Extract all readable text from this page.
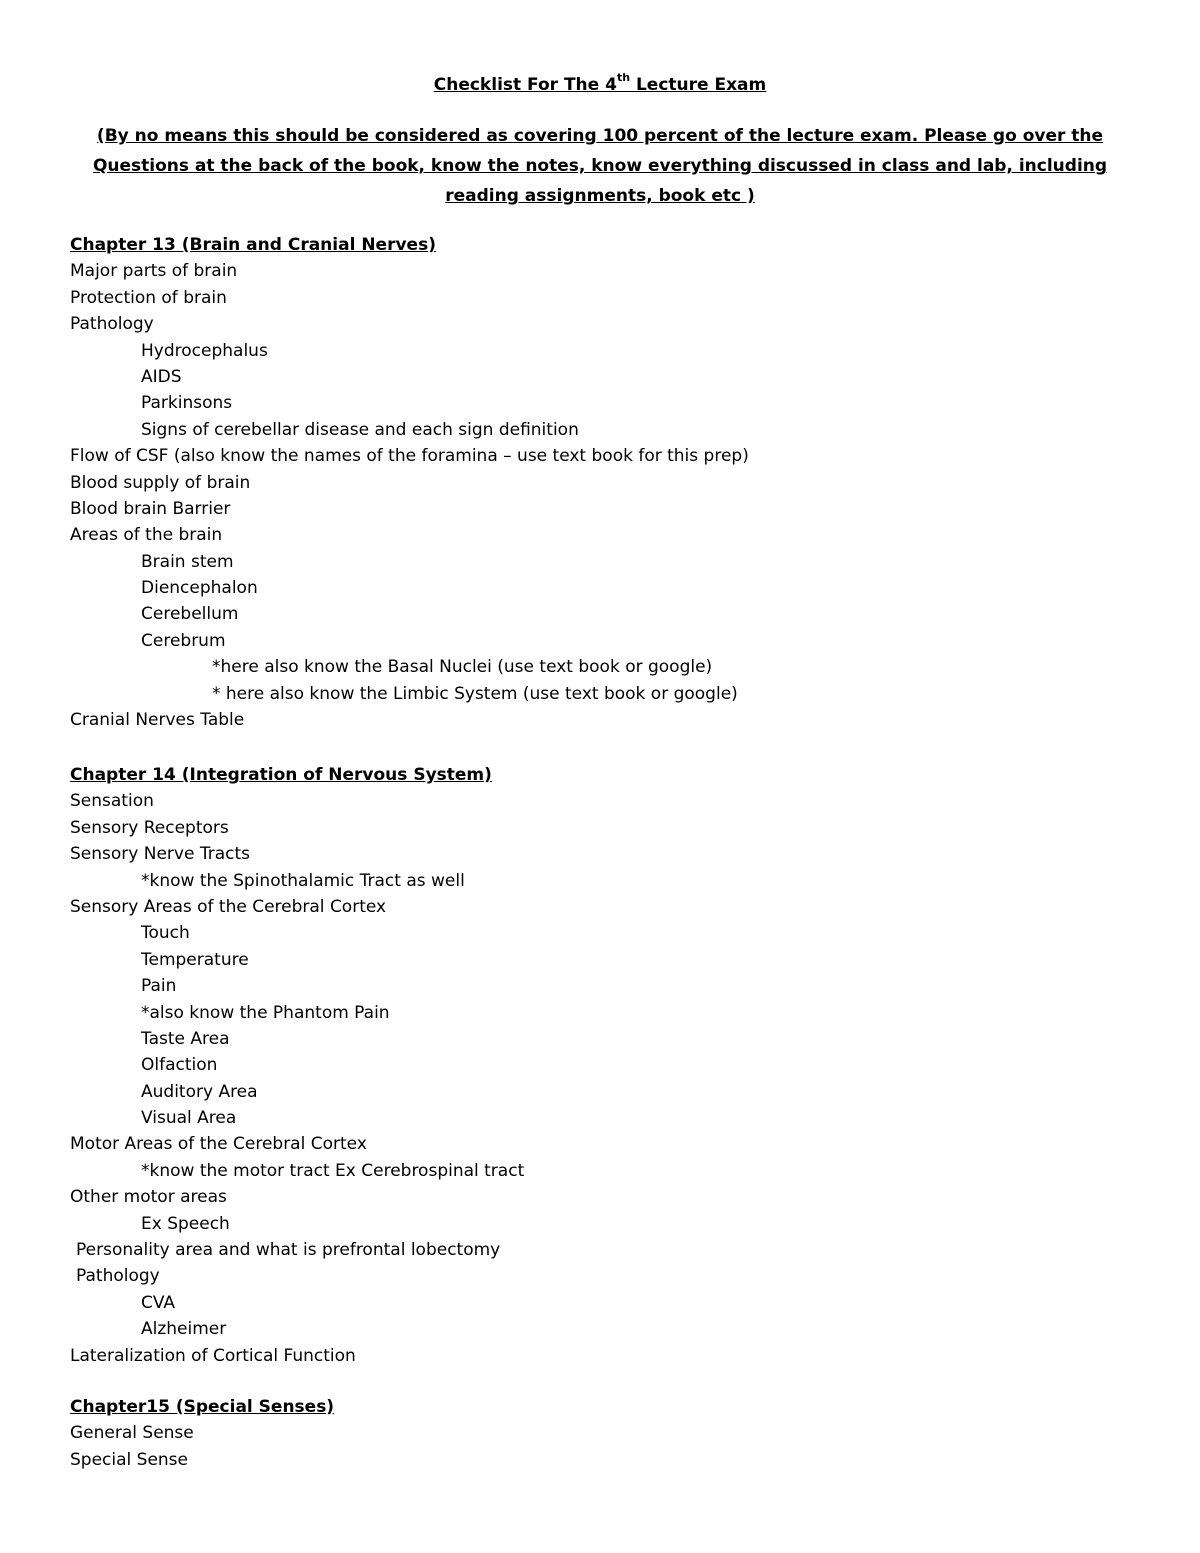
Checklist For The 4th Lecture Exam
(By no means this should be considered as covering 100 percent of the lecture exam. Please go over the Questions at the back of the book, know the notes, know everything discussed in class and lab, including reading assignments, book etc )
Chapter 13 (Brain and Cranial Nerves)
Major parts of brain
Protection of brain
Pathology
Hydrocephalus
AIDS
Parkinsons
Signs of cerebellar disease and each sign definition
Flow of CSF (also know the names of the foramina – use text book for this prep)
Blood supply of brain
Blood brain Barrier
Areas of the brain
Brain stem
Diencephalon
Cerebellum
Cerebrum
*here also know the Basal Nuclei (use text book or google)
* here also know the Limbic System (use text book or google)
Cranial Nerves Table
Chapter 14 (Integration of Nervous System)
Sensation
Sensory Receptors
Sensory Nerve Tracts
*know the Spinothalamic Tract as well
Sensory Areas of the Cerebral Cortex
Touch
Temperature
Pain
*also know the Phantom Pain
Taste Area
Olfaction
Auditory Area
Visual Area
Motor Areas of the Cerebral Cortex
*know the motor tract Ex Cerebrospinal tract
Other motor areas
Ex Speech
Personality area and what is prefrontal lobectomy
Pathology
CVA
Alzheimer
Lateralization of Cortical Function
Chapter15 (Special Senses)
General Sense
Special Sense
